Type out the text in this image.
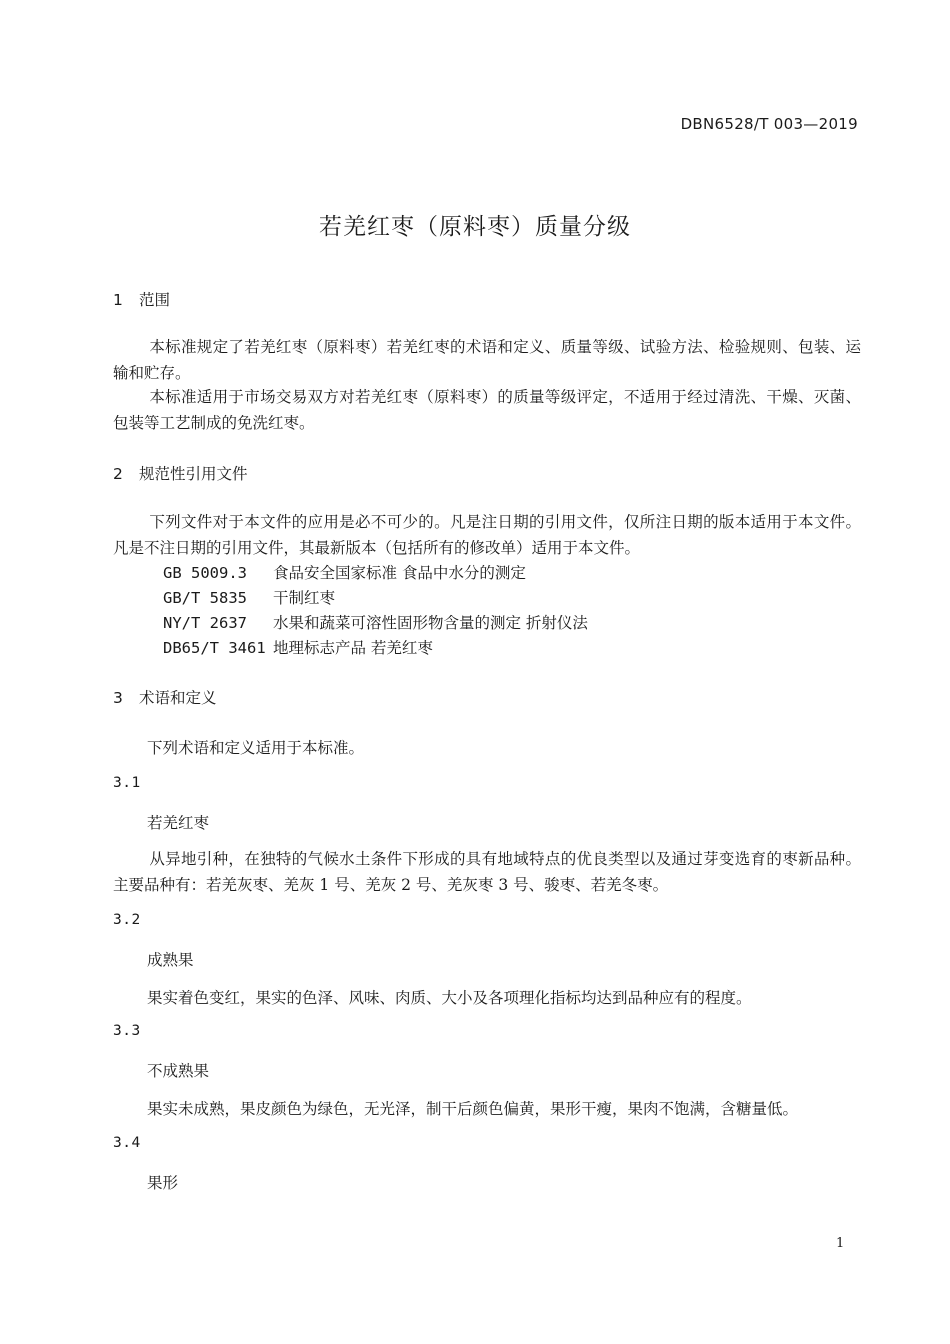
DBN6528/T 003—2019
若羌红枣（原料枣）质量分级
1 范围
本标准规定了若羌红枣（原料枣）若羌红枣的术语和定义、质量等级、试验方法、检验规则、包装、运输和贮存。
本标准适用于市场交易双方对若羌红枣（原料枣）的质量等级评定，不适用于经过清洗、干燥、灭菌、包装等工艺制成的免洗红枣。
2 规范性引用文件
下列文件对于本文件的应用是必不可少的。凡是注日期的引用文件，仅所注日期的版本适用于本文件。凡是不注日期的引用文件，其最新版本（包括所有的修改单）适用于本文件。
GB 5009.3 食品安全国家标准 食品中水分的测定
GB/T 5835 干制红枣
NY/T 2637 水果和蔬菜可溶性固形物含量的测定 折射仪法
DB65/T 3461 地理标志产品 若羌红枣
3 术语和定义
下列术语和定义适用于本标准。
3.1
若羌红枣
从异地引种，在独特的气候水土条件下形成的具有地域特点的优良类型以及通过芽变选育的枣新品种。主要品种有：若羌灰枣、羌灰 1 号、羌灰 2 号、羌灰枣 3 号、骏枣、若羌冬枣。
3.2
成熟果
果实着色变红，果实的色泽、风味、肉质、大小及各项理化指标均达到品种应有的程度。
3.3
不成熟果
果实未成熟，果皮颜色为绿色，无光泽，制干后颜色偏黄，果形干瘦，果肉不饱满，含糖量低。
3.4
果形
1
